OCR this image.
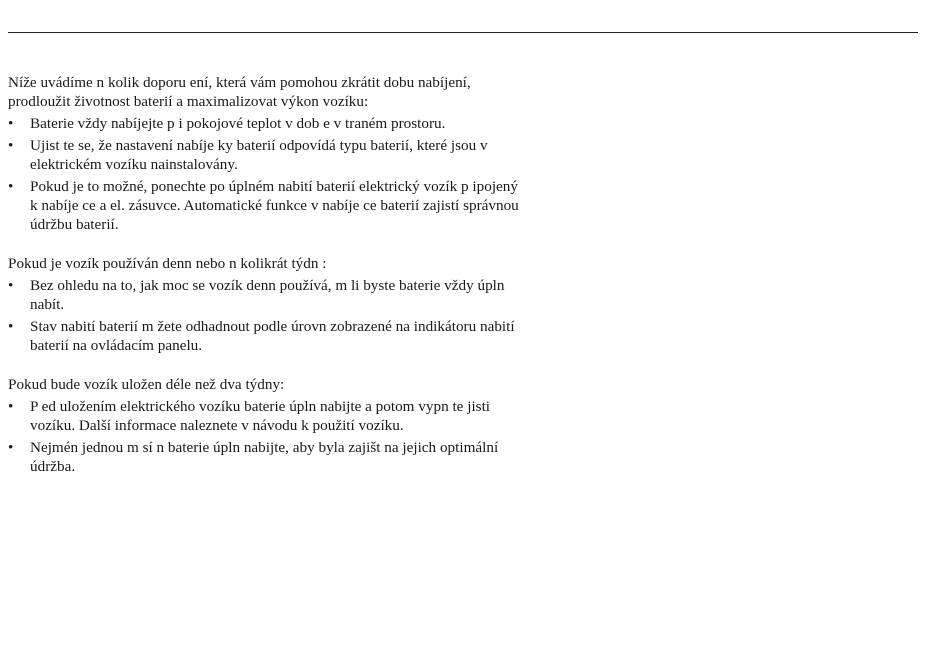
Níže uvádíme n kolik doporu ení, která vám pomohou zkrátit dobu nabíjení, prodloužit životnost baterií a maximalizovat výkon vozíku:

• Baterie vždy nabíjejte p i pokojové teplot v dob e v traném prostoru.
• Ujist te se, že nastavení nabíje ky baterií odpovídá typu baterií, které jsou v elektrickém vozíku nainstalovány.
• Pokud je to možné, ponechte po úplném nabití baterií elektrický vozík p ipojený k nabíje ce a el. zásuvce. Automatické funkce v nabíje ce baterií zajistí správnou údržbu baterií.

Pokud je vozík používán denn nebo n kolikrát týdn :

• Bez ohledu na to, jak moc se vozík denn používá, m li byste baterie vždy úpln nabít.
• Stav nabití baterií m žete odhadnout podle úrovn zobrazené na indikátoru nabití baterií na ovládacím panelu.

Pokud bude vozík uložen déle než dva týdny:

• P ed uložením elektrického vozíku baterie úpln nabijte a potom vypn te jisti vozíku. Další informace naleznete v návodu k použití vozíku.
• Nejmén jednou m sí n baterie úpln nabijte, aby byla zajišt na jejich optimální údržba.
